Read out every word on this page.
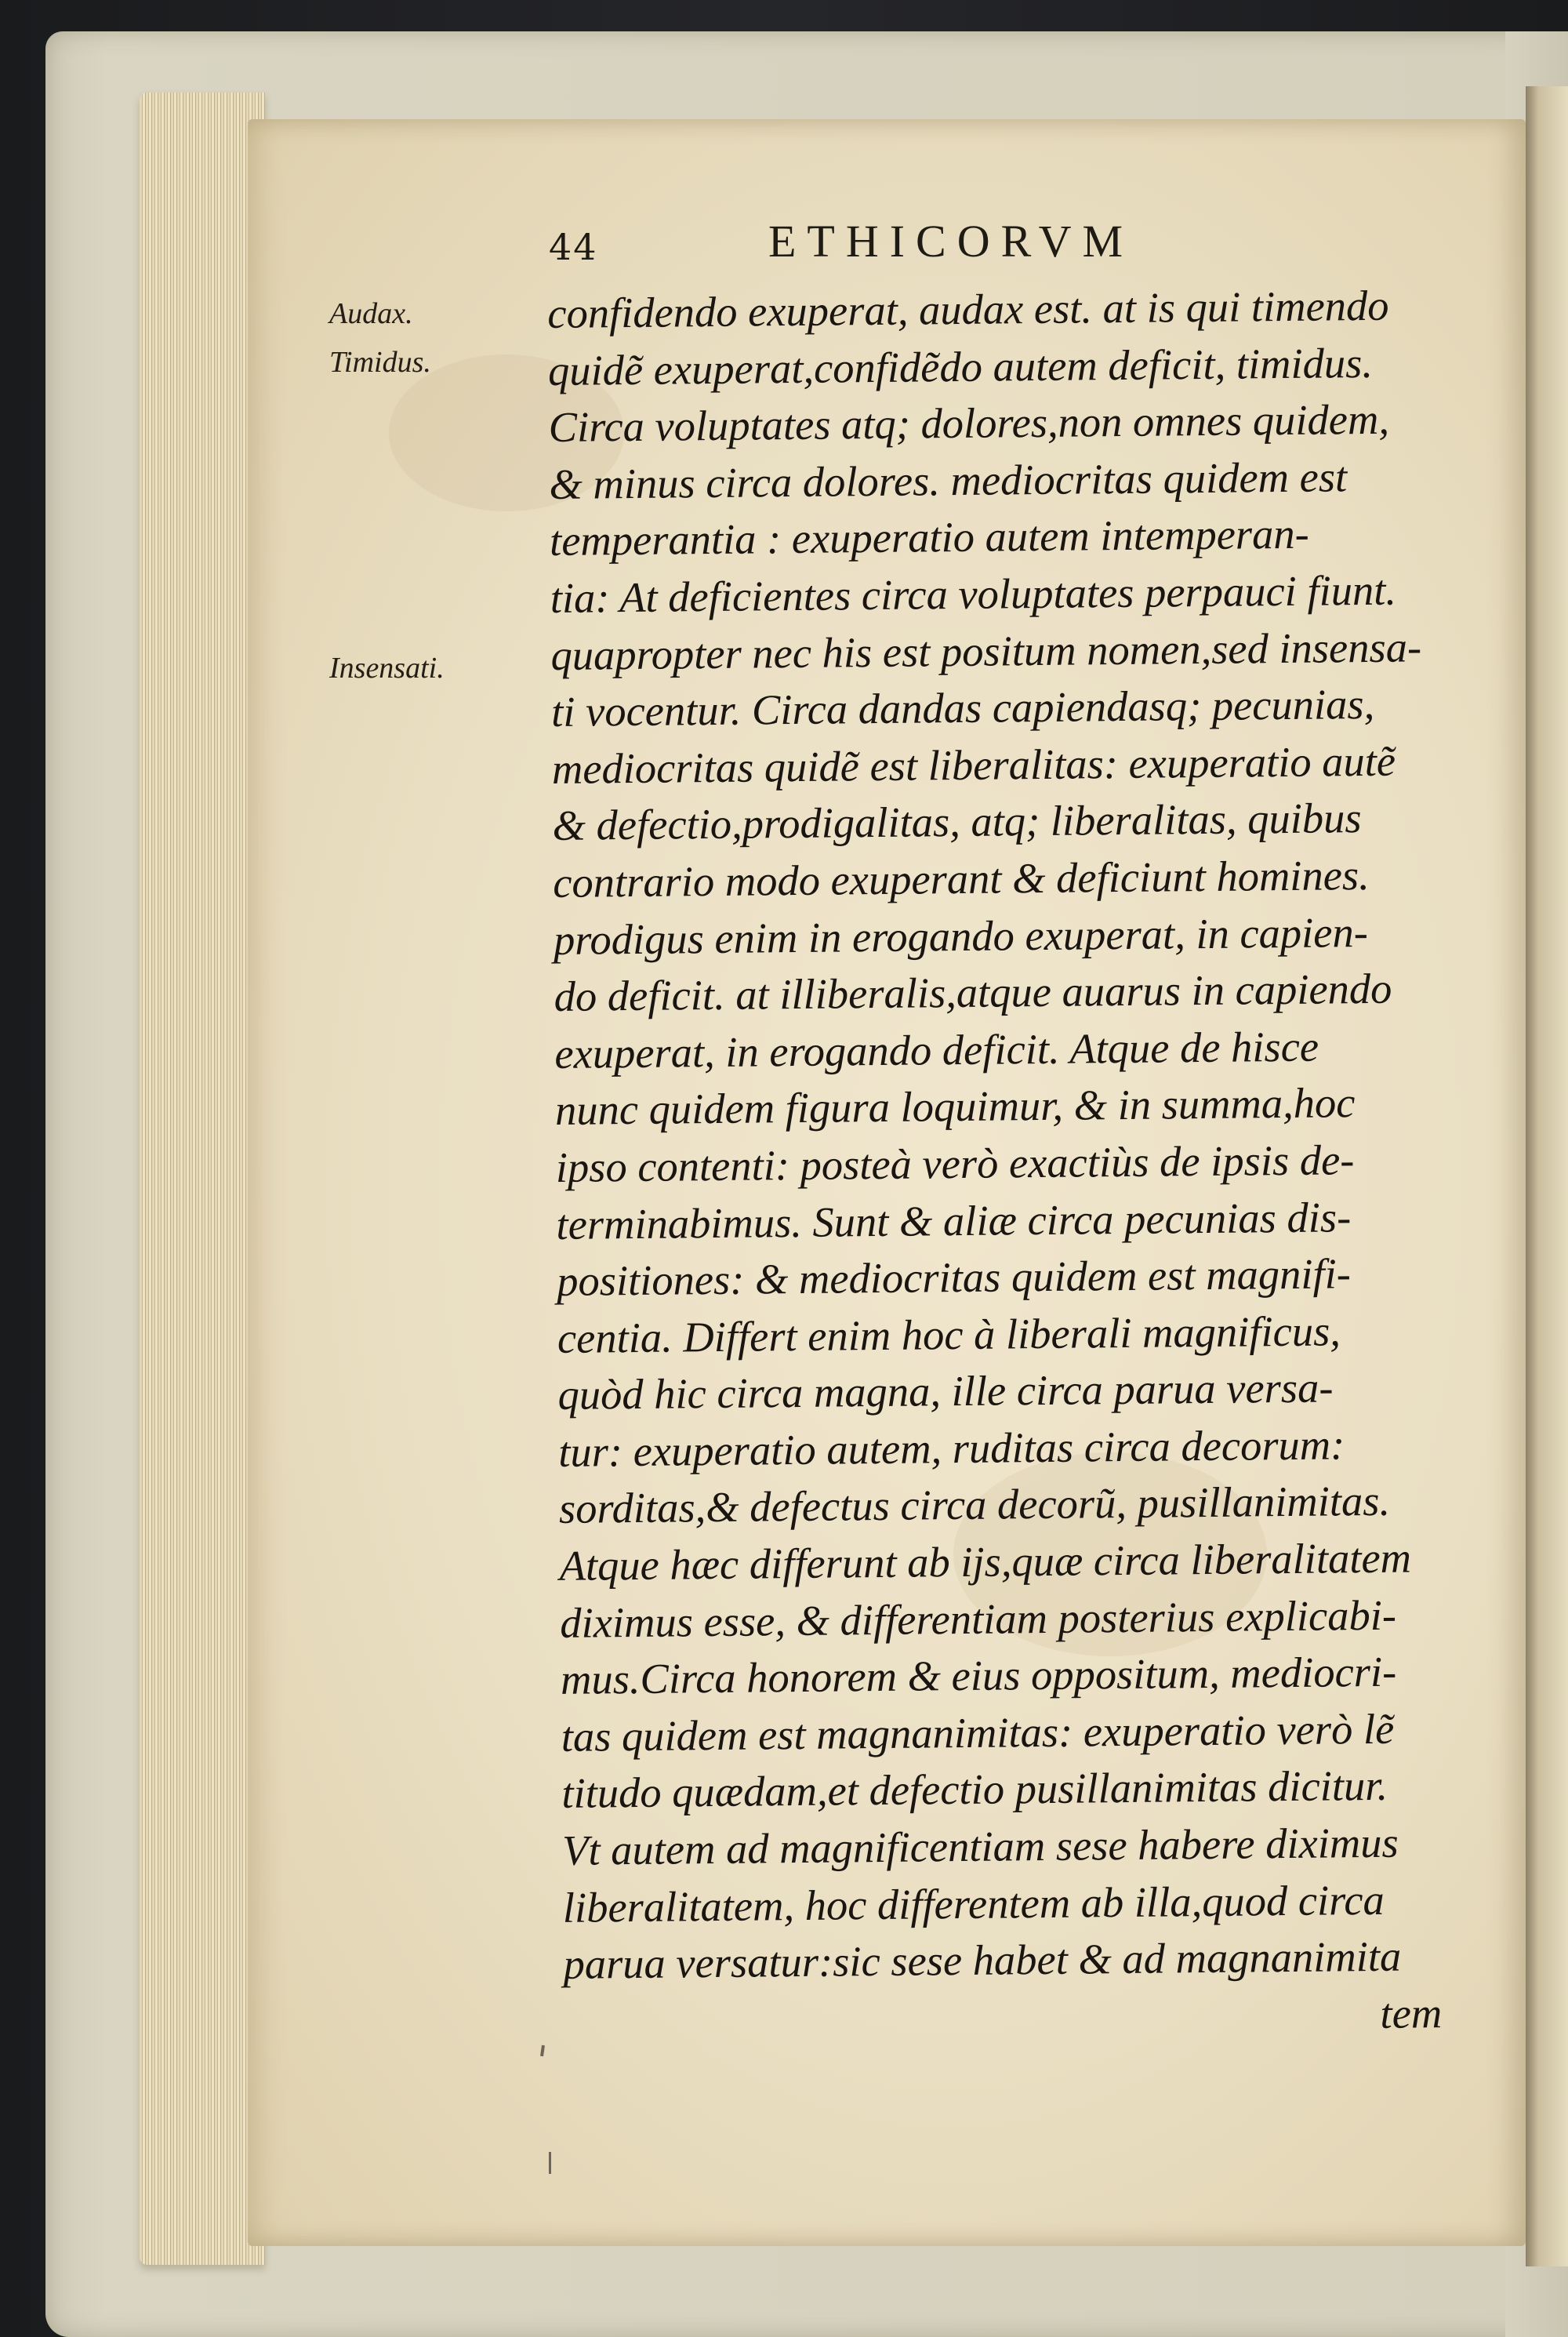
44	ETHICORVM
Audax.
Timidus.
Insensati.
confidendo exuperat, audax est. at is qui timendo
quidẽ exuperat,confidẽdo autem deficit, timidus.
Circa voluptates atq; dolores,non omnes quidem,
& minus circa dolores. mediocritas quidem est
temperantia : exuperatio autem intemperan-
tia: At deficientes circa voluptates perpauci fiunt.
quapropter nec his est positum nomen,sed insensa-
ti vocentur. Circa dandas capiendasq; pecunias,
mediocritas quidẽ est liberalitas: exuperatio autẽ
& defectio,prodigalitas, atq; liberalitas, quibus
contrario modo exuperant & deficiunt homines.
prodigus enim in erogando exuperat, in capien-
do deficit. at illiberalis,atque auarus in capiendo
exuperat, in erogando deficit. Atque de hisce
nunc quidem figura loquimur, & in summa,hoc
ipso contenti: posteà verò exactiùs de ipsis de-
terminabimus. Sunt & aliæ circa pecunias dis-
positiones: & mediocritas quidem est magnifi-
centia. Differt enim hoc à liberali magnificus,
quòd hic circa magna, ille circa parua versa-
tur: exuperatio autem, ruditas circa decorum:
sorditas,& defectus circa decorũ, pusillanimitas.
Atque hæc differunt ab ijs,quæ circa liberalitatem
diximus esse, & differentiam posterius explicabi-
mus.Circa honorem & eius oppositum, mediocri-
tas quidem est magnanimitas: exuperatio verò lẽ
titudo quædam,et defectio pusillanimitas dicitur.
Vt autem ad magnificentiam sese habere diximus
liberalitatem, hoc differentem ab illa,quod circa
parua versatur:sic sese habet & ad magnanimita
tem
